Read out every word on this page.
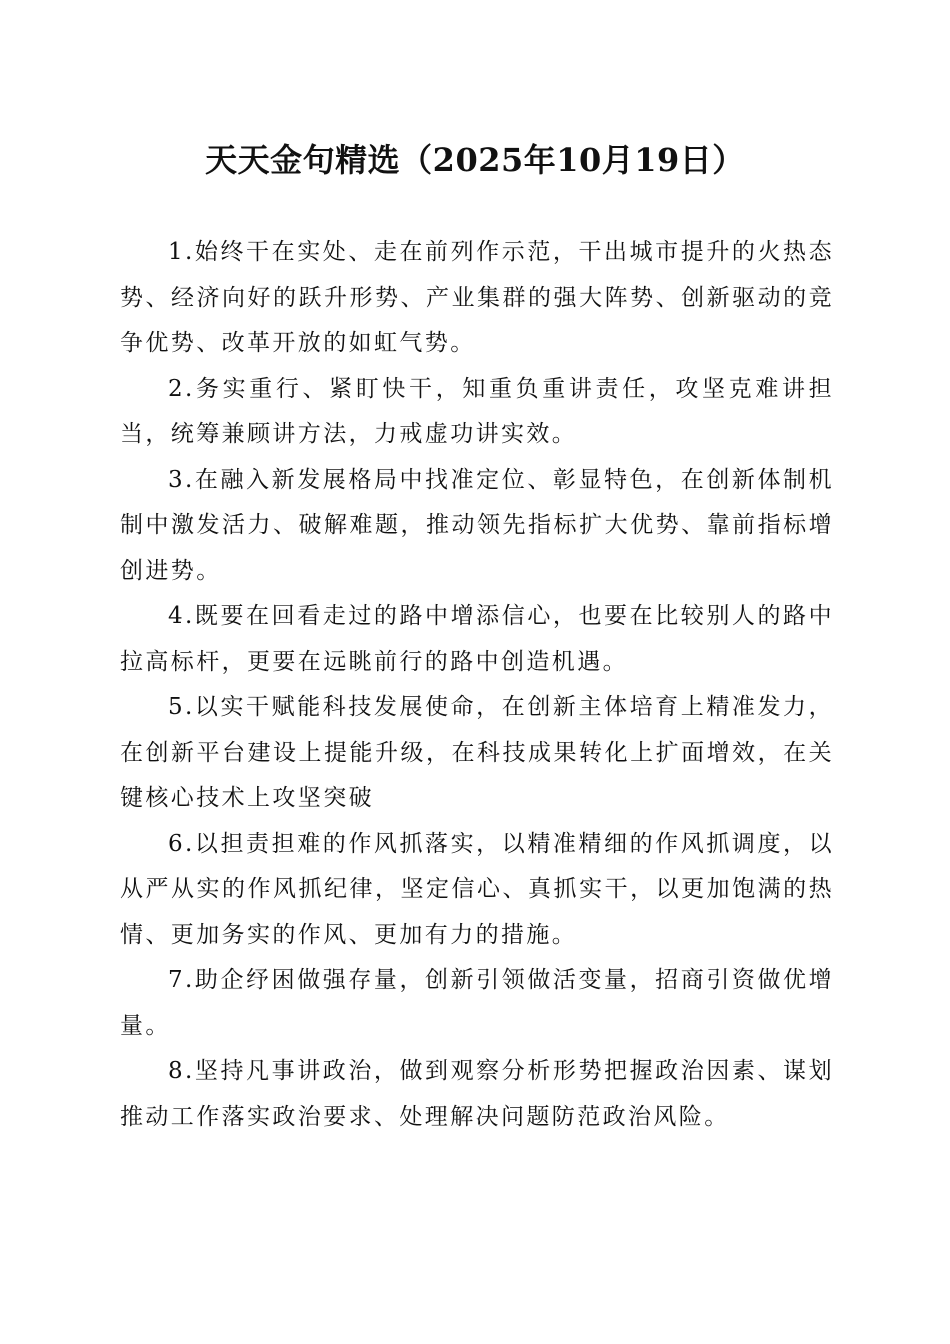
天天金句精选（2025年10月19日）

1.始终干在实处、走在前列作示范，干出城市提升的火热态势、经济向好的跃升形势、产业集群的强大阵势、创新驱动的竞争优势、改革开放的如虹气势。

2.务实重行、紧盯快干，知重负重讲责任，攻坚克难讲担当，统筹兼顾讲方法，力戒虚功讲实效。

3.在融入新发展格局中找准定位、彰显特色，在创新体制机制中激发活力、破解难题，推动领先指标扩大优势、靠前指标增创进势。

4.既要在回看走过的路中增添信心，也要在比较别人的路中拉高标杆，更要在远眺前行的路中创造机遇。

5.以实干赋能科技发展使命，在创新主体培育上精准发力，在创新平台建设上提能升级，在科技成果转化上扩面增效，在关键核心技术上攻坚突破

6.以担责担难的作风抓落实，以精准精细的作风抓调度，以从严从实的作风抓纪律，坚定信心、真抓实干，以更加饱满的热情、更加务实的作风、更加有力的措施。

7.助企纾困做强存量，创新引领做活变量，招商引资做优增量。

8.坚持凡事讲政治，做到观察分析形势把握政治因素、谋划推动工作落实政治要求、处理解决问题防范政治风险。
